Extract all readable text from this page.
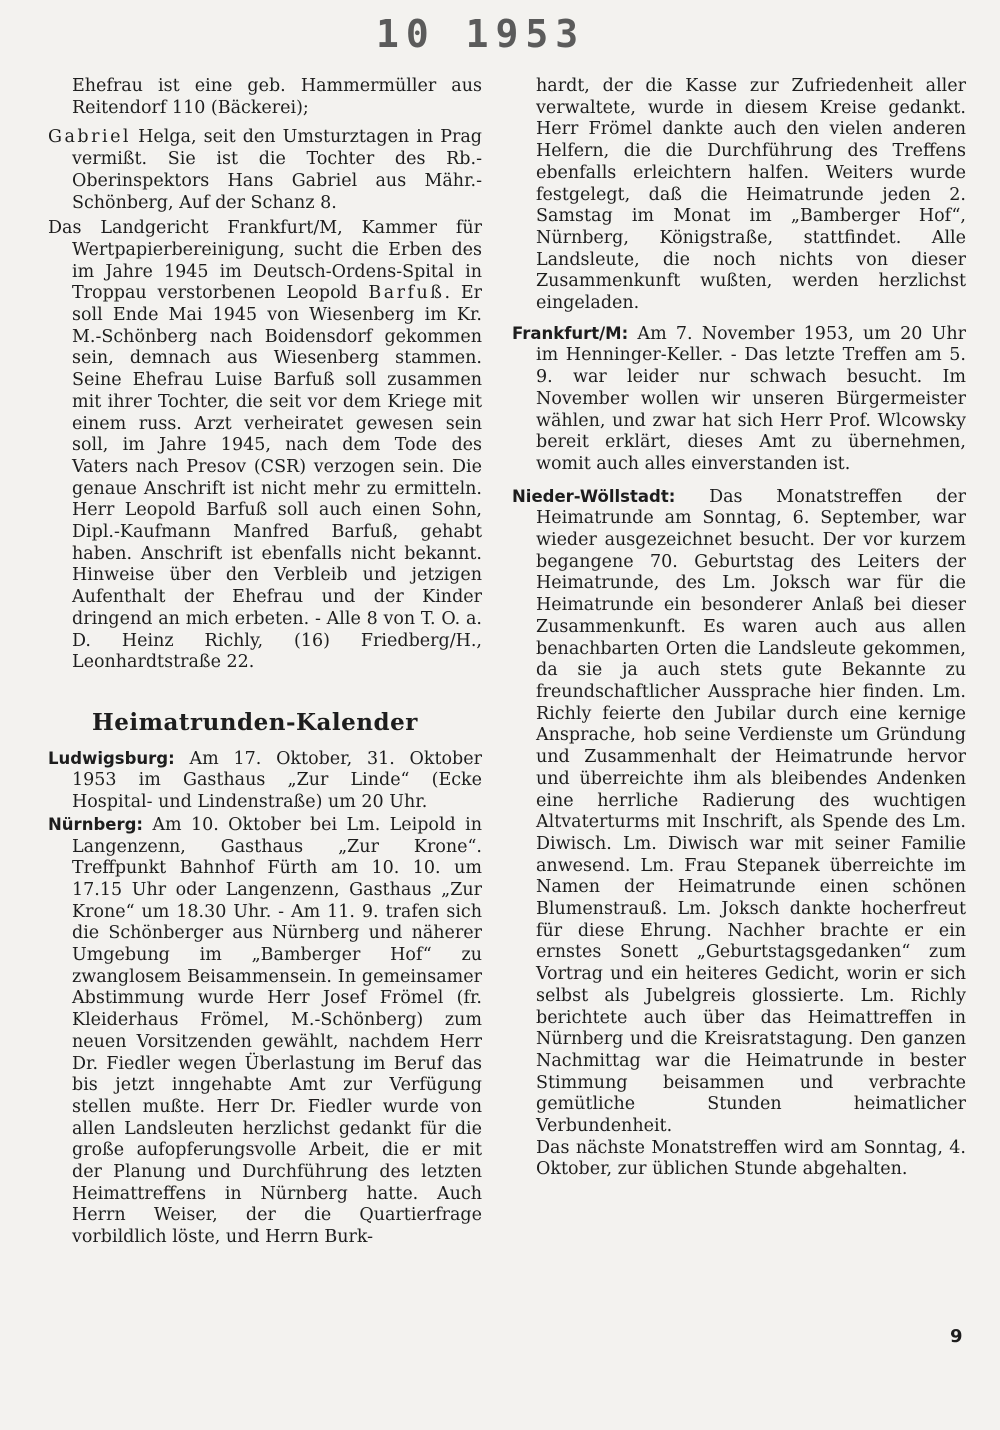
10 1953

Ehefrau ist eine geb. Hammermüller aus Reitendorf 110 (Bäckerei);

Gabriel Helga, seit den Umsturztagen in Prag vermißt. Sie ist die Tochter des Rb.-Oberinspektors Hans Gabriel aus Mähr.-Schönberg, Auf der Schanz 8.

Das Landgericht Frankfurt/M, Kammer für Wertpapierbereinigung, sucht die Erben des im Jahre 1945 im Deutsch-Ordens-Spital in Troppau verstorbenen Leopold Barfuß. Er soll Ende Mai 1945 von Wiesenberg im Kr. M.-Schönberg nach Boidensdorf gekommen sein, demnach aus Wiesenberg stammen. Seine Ehefrau Luise Barfuß soll zusammen mit ihrer Tochter, die seit vor dem Kriege mit einem russ. Arzt verheiratet gewesen sein soll, im Jahre 1945, nach dem Tode des Vaters nach Presov (CSR) verzogen sein. Die genaue Anschrift ist nicht mehr zu ermitteln. Herr Leopold Barfuß soll auch einen Sohn, Dipl.-Kaufmann Manfred Barfuß, gehabt haben. Anschrift ist ebenfalls nicht bekannt. Hinweise über den Verbleib und jetzigen Aufenthalt der Ehefrau und der Kinder dringend an mich erbeten. - Alle 8 von T. O. a. D. Heinz Richly, (16) Friedberg/H., Leonhardtstraße 22.

Heimatrunden-Kalender

Ludwigsburg: Am 17. Oktober, 31. Oktober 1953 im Gasthaus „Zur Linde“ (Ecke Hospital- und Lindenstraße) um 20 Uhr.

Nürnberg: Am 10. Oktober bei Lm. Leipold in Langenzenn, Gasthaus „Zur Krone“. Treffpunkt Bahnhof Fürth am 10. 10. um 17.15 Uhr oder Langenzenn, Gasthaus „Zur Krone“ um 18.30 Uhr. - Am 11. 9. trafen sich die Schönberger aus Nürnberg und näherer Umgebung im „Bamberger Hof“ zu zwanglosem Beisammensein. In gemeinsamer Abstimmung wurde Herr Josef Frömel (fr. Kleiderhaus Frömel, M.-Schönberg) zum neuen Vorsitzenden gewählt, nachdem Herr Dr. Fiedler wegen Überlastung im Beruf das bis jetzt inngehabte Amt zur Verfügung stellen mußte. Herr Dr. Fiedler wurde von allen Landsleuten herzlichst gedankt für die große aufopferungsvolle Arbeit, die er mit der Planung und Durchführung des letzten Heimattreffens in Nürnberg hatte. Auch Herrn Weiser, der die Quartierfrage vorbildlich löste, und Herrn Burk-

hardt, der die Kasse zur Zufriedenheit aller verwaltete, wurde in diesem Kreise gedankt. Herr Frömel dankte auch den vielen anderen Helfern, die die Durchführung des Treffens ebenfalls erleichtern halfen. Weiters wurde festgelegt, daß die Heimatrunde jeden 2. Samstag im Monat im „Bamberger Hof“, Nürnberg, Königstraße, stattfindet. Alle Landsleute, die noch nichts von dieser Zusammenkunft wußten, werden herzlichst eingeladen.

Frankfurt/M: Am 7. November 1953, um 20 Uhr im Henninger-Keller. - Das letzte Treffen am 5. 9. war leider nur schwach besucht. Im November wollen wir unseren Bürgermeister wählen, und zwar hat sich Herr Prof. Wlcowsky bereit erklärt, dieses Amt zu übernehmen, womit auch alles einverstanden ist.

Nieder-Wöllstadt: Das Monatstreffen der Heimatrunde am Sonntag, 6. September, war wieder ausgezeichnet besucht. Der vor kurzem begangene 70. Geburtstag des Leiters der Heimatrunde, des Lm. Joksch war für die Heimatrunde ein besonderer Anlaß bei dieser Zusammenkunft. Es waren auch aus allen benachbarten Orten die Landsleute gekommen, da sie ja auch stets gute Bekannte zu freundschaftlicher Aussprache hier finden. Lm. Richly feierte den Jubilar durch eine kernige Ansprache, hob seine Verdienste um Gründung und Zusammenhalt der Heimatrunde hervor und überreichte ihm als bleibendes Andenken eine herrliche Radierung des wuchtigen Altvaterturms mit Inschrift, als Spende des Lm. Diwisch. Lm. Diwisch war mit seiner Familie anwesend. Lm. Frau Stepanek überreichte im Namen der Heimatrunde einen schönen Blumenstrauß. Lm. Joksch dankte hocherfreut für diese Ehrung. Nachher brachte er ein ernstes Sonett „Geburtstagsgedanken“ zum Vortrag und ein heiteres Gedicht, worin er sich selbst als Jubelgreis glossierte. Lm. Richly berichtete auch über das Heimattreffen in Nürnberg und die Kreisratstagung. Den ganzen Nachmittag war die Heimatrunde in bester Stimmung beisammen und verbrachte gemütliche Stunden heimatlicher Verbundenheit.

Das nächste Monatstreffen wird am Sonntag, 4. Oktober, zur üblichen Stunde abgehalten.

9
